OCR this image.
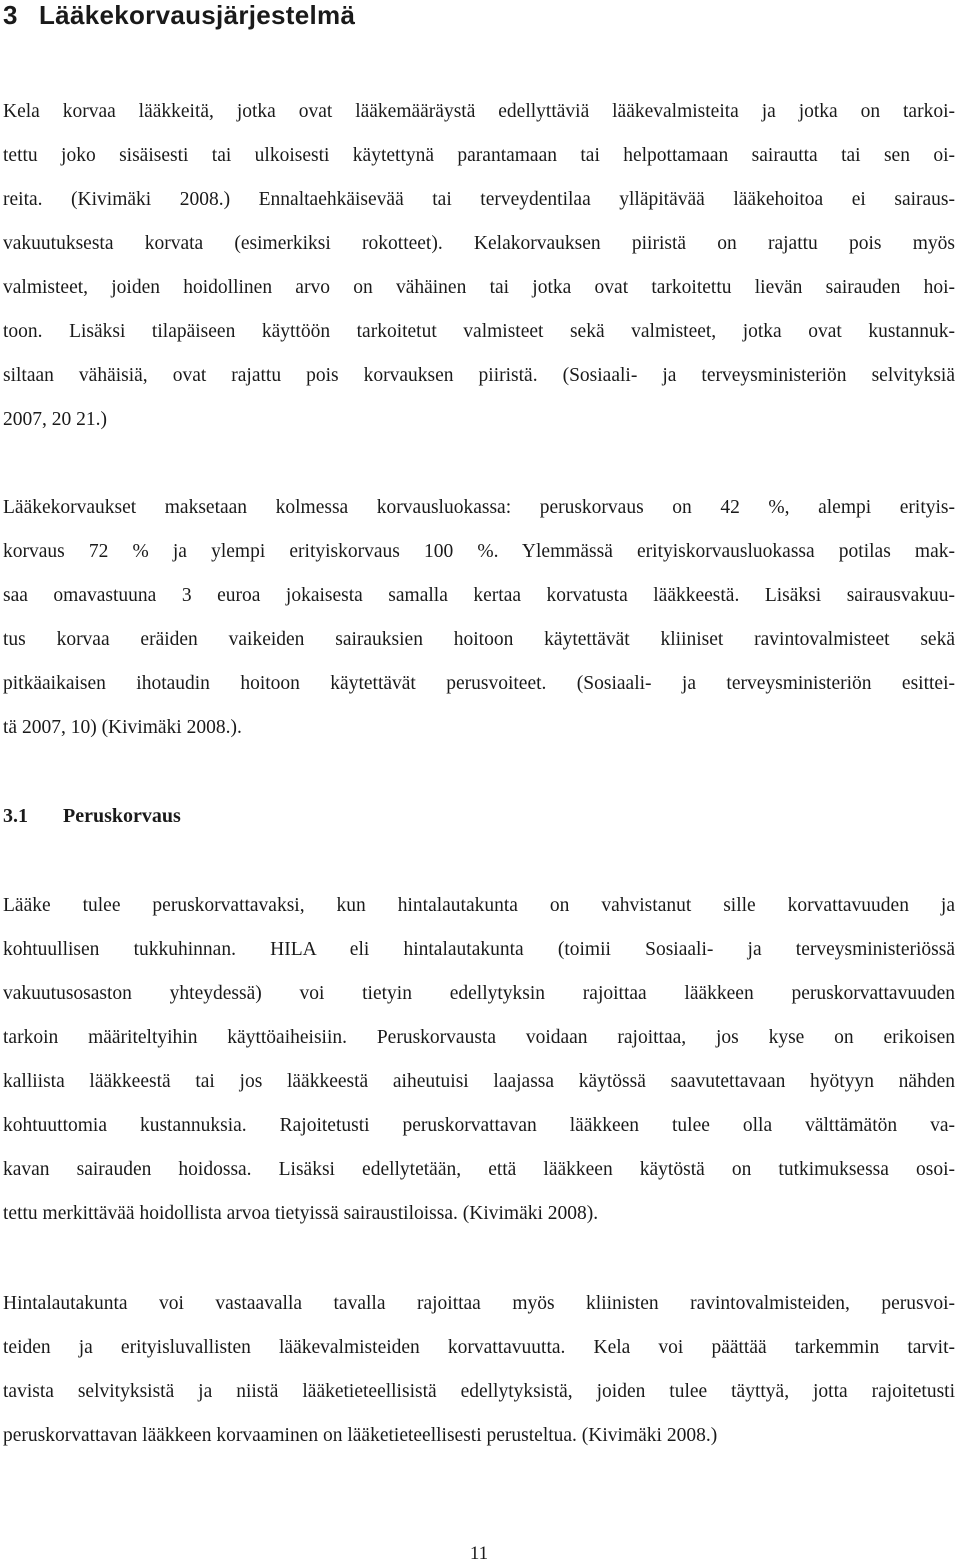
3 Lääkekorvausjärjestelmä

Kela korvaa lääkkeitä, jotka ovat lääkemääräystä edellyttäviä lääkevalmisteita ja jotka on tarkoi-
tettu joko sisäisesti tai ulkoisesti käytettynä parantamaan tai helpottamaan sairautta tai sen oi-
reita. (Kivimäki 2008.) Ennaltaehkäisevää tai terveydentilaa ylläpitävää lääkehoitoa ei sairaus-
vakuutuksesta korvata (esimerkiksi rokotteet). Kelakorvauksen piiristä on rajattu pois myös
valmisteet, joiden hoidollinen arvo on vähäinen tai jotka ovat tarkoitettu lievän sairauden hoi-
toon. Lisäksi tilapäiseen käyttöön tarkoitetut valmisteet sekä valmisteet, jotka ovat kustannuk-
siltaan vähäisiä, ovat rajattu pois korvauksen piiristä. (Sosiaali- ja terveysministeriön selvityksiä
2007, 20 21.)

Lääkekorvaukset maksetaan kolmessa korvausluokassa: peruskorvaus on 42 %, alempi erityis-
korvaus 72 % ja ylempi erityiskorvaus 100 %. Ylemmässä erityiskorvausluokassa potilas mak-
saa omavastuuna 3 euroa jokaisesta samalla kertaa korvatusta lääkkeestä. Lisäksi sairausvakuu-
tus korvaa eräiden vaikeiden sairauksien hoitoon käytettävät kliiniset ravintovalmisteet sekä
pitkäaikaisen ihotaudin hoitoon käytettävät perusvoiteet. (Sosiaali- ja terveysministeriön esittei-
tä 2007, 10) (Kivimäki 2008.).

3.1 Peruskorvaus

Lääke tulee peruskorvattavaksi, kun hintalautakunta on vahvistanut sille korvattavuuden ja
kohtuullisen tukkuhinnan. HILA eli hintalautakunta (toimii Sosiaali- ja terveysministeriössä
vakuutusosaston yhteydessä) voi tietyin edellytyksin rajoittaa lääkkeen peruskorvattavuuden
tarkoin määriteltyihin käyttöaiheisiin. Peruskorvausta voidaan rajoittaa, jos kyse on erikoisen
kalliista lääkkeestä tai jos lääkkeestä aiheutuisi laajassa käytössä saavutettavaan hyötyyn nähden
kohtuuttomia kustannuksia. Rajoitetusti peruskorvattavan lääkkeen tulee olla välttämätön va-
kavan sairauden hoidossa. Lisäksi edellytetään, että lääkkeen käytöstä on tutkimuksessa osoi-
tettu merkittävää hoidollista arvoa tietyissä sairaustiloissa. (Kivimäki 2008).

Hintalautakunta voi vastaavalla tavalla rajoittaa myös kliinisten ravintovalmisteiden, perusvoi-
teiden ja erityisluvallisten lääkevalmisteiden korvattavuutta. Kela voi päättää tarkemmin tarvit-
tavista selvityksistä ja niistä lääketieteellisistä edellytyksistä, joiden tulee täyttyä, jotta rajoitetusti
peruskorvattavan lääkkeen korvaaminen on lääketieteellisesti perusteltua. (Kivimäki 2008.)

11
